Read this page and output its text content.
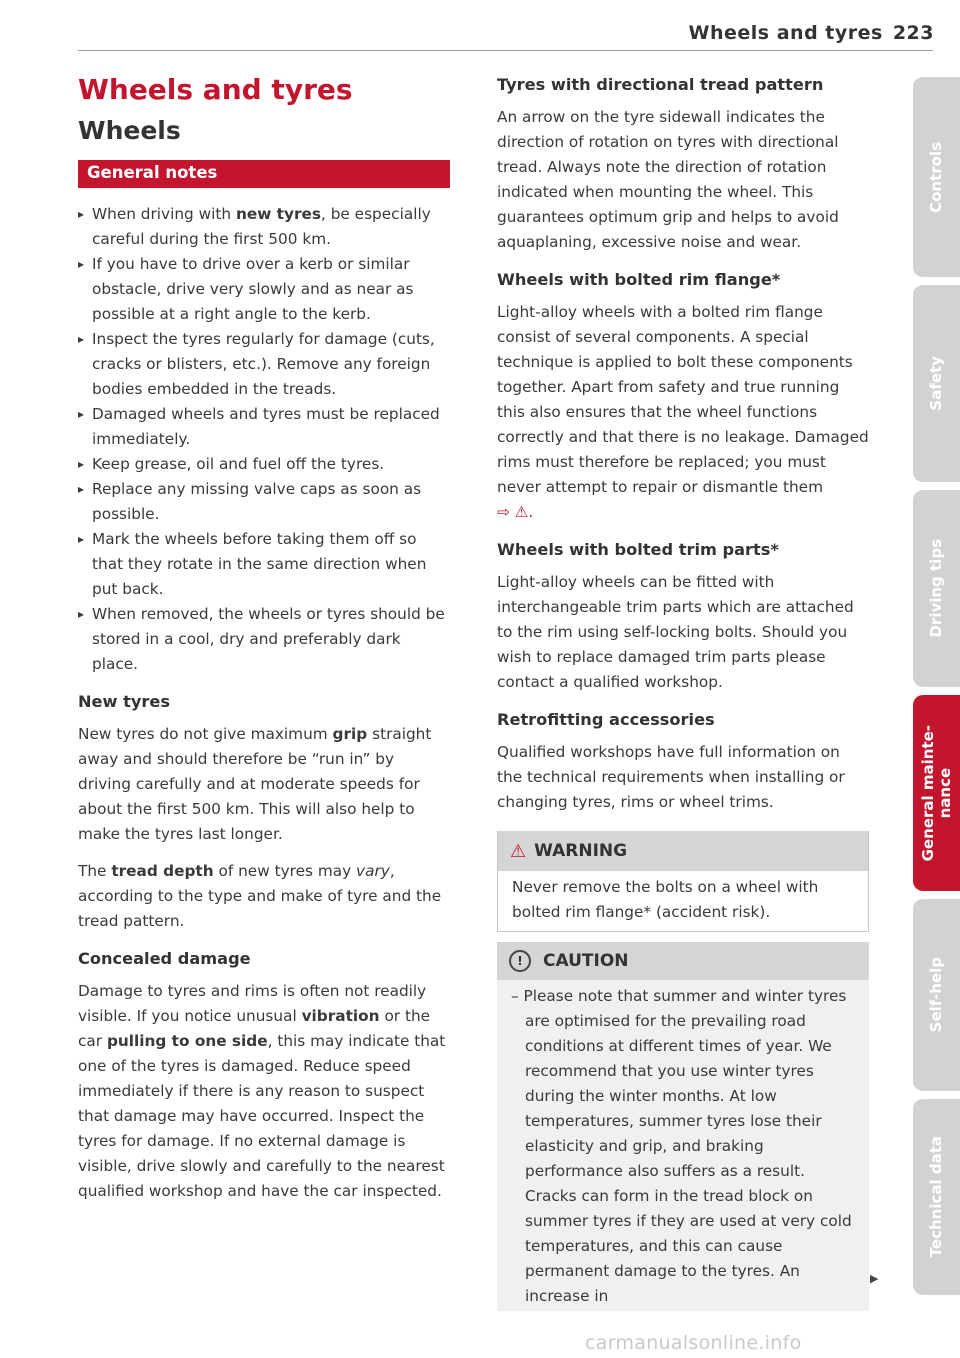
Wheels and tyres 223
Wheels and tyres
Wheels
General notes
▸ When driving with new tyres, be especially careful during the first 500 km.
▸ If you have to drive over a kerb or similar obstacle, drive very slowly and as near as possible at a right angle to the kerb.
▸ Inspect the tyres regularly for damage (cuts, cracks or blisters, etc.). Remove any foreign bodies embedded in the treads.
▸ Damaged wheels and tyres must be replaced immediately.
▸ Keep grease, oil and fuel off the tyres.
▸ Replace any missing valve caps as soon as possible.
▸ Mark the wheels before taking them off so that they rotate in the same direction when put back.
▸ When removed, the wheels or tyres should be stored in a cool, dry and preferably dark place.
New tyres

New tyres do not give maximum grip straight away and should therefore be “run in” by driving carefully and at moderate speeds for about the first 500 km. This will also help to make the tyres last longer.

The tread depth of new tyres may vary, according to the type and make of tyre and the tread pattern.

Concealed damage

Damage to tyres and rims is often not readily visible. If you notice unusual vibration or the car pulling to one side, this may indicate that one of the tyres is damaged. Reduce speed immediately if there is any reason to suspect that damage may have occurred. Inspect the tyres for damage. If no external damage is visible, drive slowly and carefully to the nearest qualified workshop and have the car inspected.

Tyres with directional tread pattern

An arrow on the tyre sidewall indicates the direction of rotation on tyres with directional tread. Always note the direction of rotation indicated when mounting the wheel. This guarantees optimum grip and helps to avoid aquaplaning, excessive noise and wear.

Wheels with bolted rim flange*

Light-alloy wheels with a bolted rim flange consist of several components. A special technique is applied to bolt these components together. Apart from safety and true running this also ensures that the wheel functions correctly and that there is no leakage. Damaged rims must therefore be replaced; you must never attempt to repair or dismantle them
⇨ ⚠.

Wheels with bolted trim parts*

Light-alloy wheels can be fitted with interchangeable trim parts which are attached to the rim using self-locking bolts. Should you wish to replace damaged trim parts please contact a qualified workshop.

Retrofitting accessories

Qualified workshops have full information on the technical requirements when installing or changing tyres, rims or wheel trims.

⚠ WARNING

Never remove the bolts on a wheel with bolted rim flange* (accident risk).

!	CAUTION

– Please note that summer and winter tyres are optimised for the prevailing road conditions at different times of year. We recommend that you use winter tyres during the winter months. At low temperatures, summer tyres lose their elasticity and grip, and braking performance also suffers as a result. Cracks can form in the tread block on summer tyres if they are used at very cold temperatures, and this can cause permanent damage to the tyres. An increase in

▶
Controls
Safety
Driving tips
General mainte-
nance
Self-help
Technical data
carmanualsonline.info
